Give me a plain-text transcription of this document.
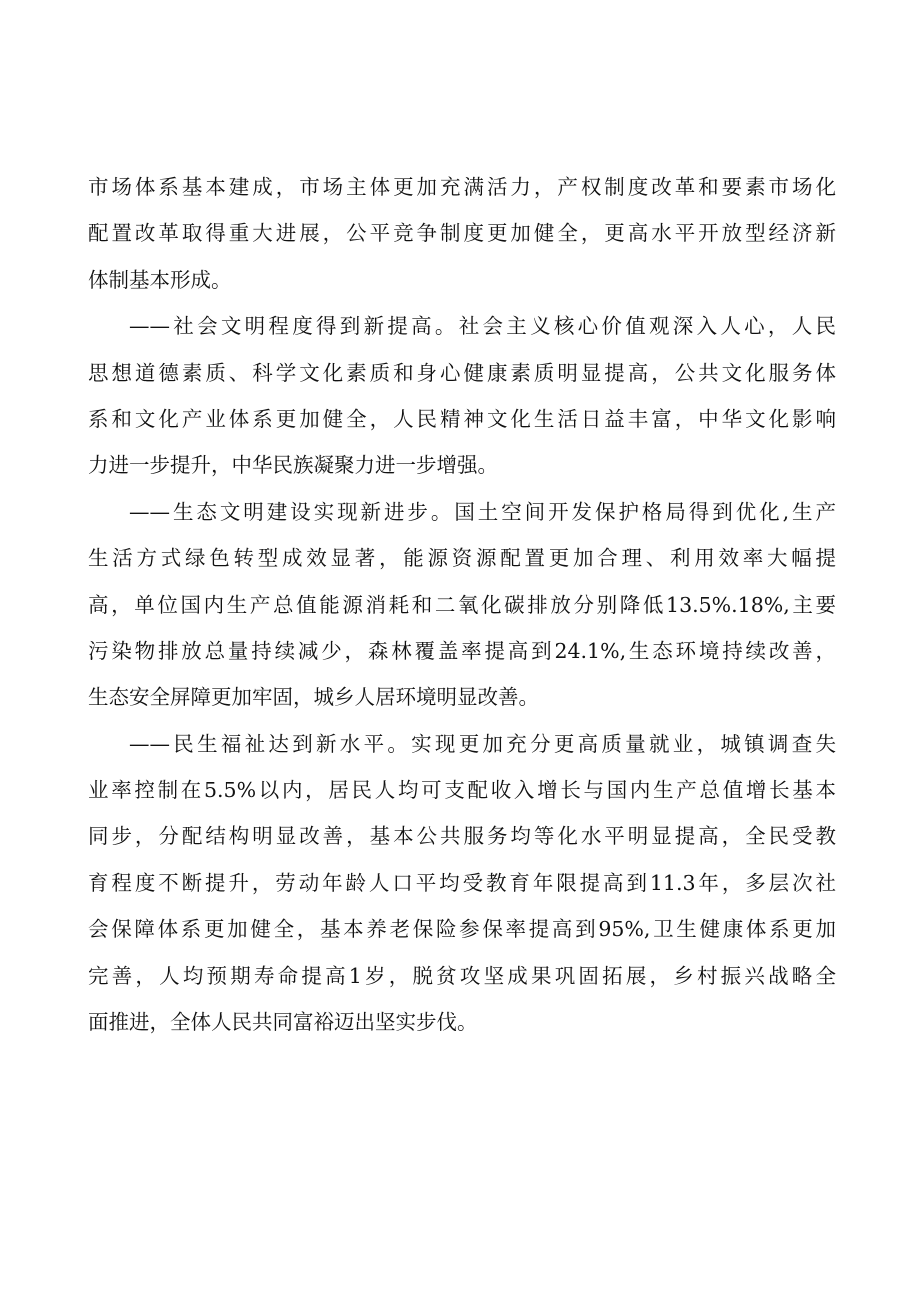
市场体系基本建成，市场主体更加充满活力，产权制度改革和要素市场化
配置改革取得重大进展，公平竞争制度更加健全，更高水平开放型经济新
体制基本形成。
——社会文明程度得到新提高。社会主义核心价值观深入人心，人民
思想道德素质、科学文化素质和身心健康素质明显提高，公共文化服务体
系和文化产业体系更加健全，人民精神文化生活日益丰富，中华文化影响
力进一步提升，中华民族凝聚力进一步增强。
——生态文明建设实现新进步。国土空间开发保护格局得到优化,生产
生活方式绿色转型成效显著，能源资源配置更加合理、利用效率大幅提
高，单位国内生产总值能源消耗和二氧化碳排放分别降低13.5%.18%,主要
污染物排放总量持续减少，森林覆盖率提高到24.1%,生态环境持续改善，
生态安全屏障更加牢固，城乡人居环境明显改善。
——民生福祉达到新水平。实现更加充分更高质量就业，城镇调查失
业率控制在5.5%以内，居民人均可支配收入增长与国内生产总值增长基本
同步，分配结构明显改善，基本公共服务均等化水平明显提高，全民受教
育程度不断提升，劳动年龄人口平均受教育年限提高到11.3年，多层次社
会保障体系更加健全，基本养老保险参保率提高到95%,卫生健康体系更加
完善，人均预期寿命提高1岁，脱贫攻坚成果巩固拓展，乡村振兴战略全
面推进，全体人民共同富裕迈出坚实步伐。
